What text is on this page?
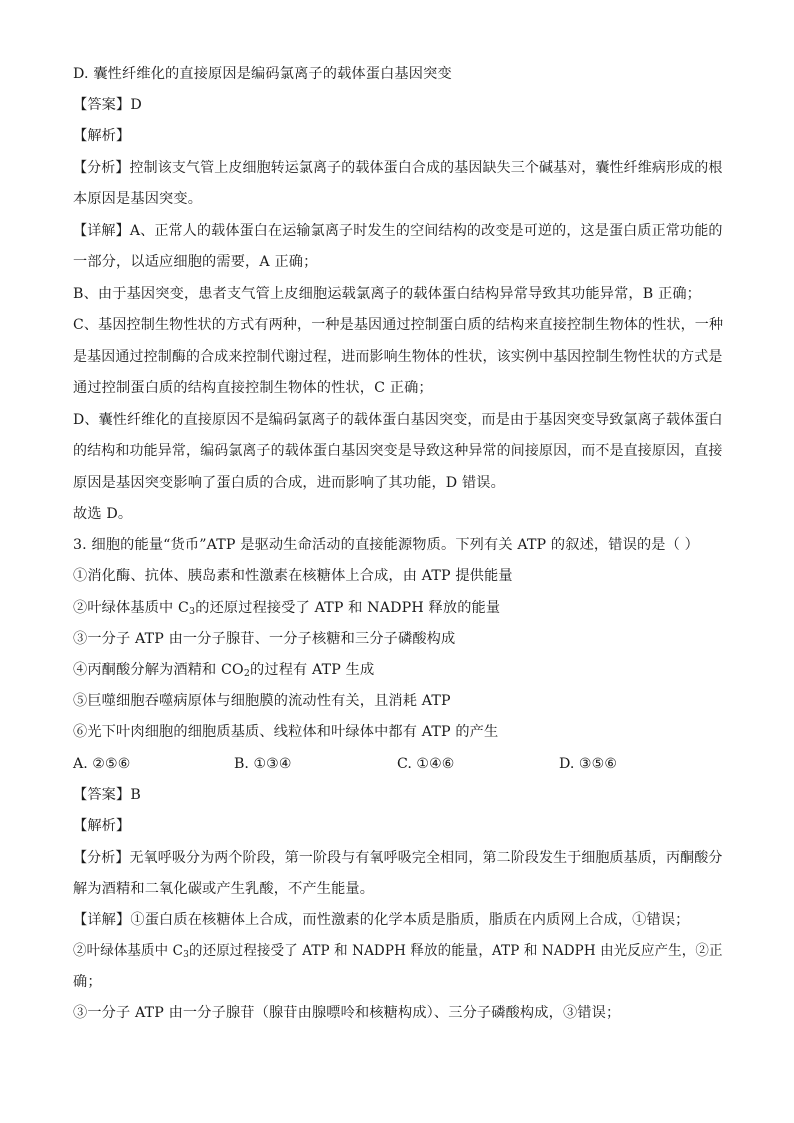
D. 囊性纤维化的直接原因是编码氯离子的载体蛋白基因突变
【答案】D
【解析】
【分析】控制该支气管上皮细胞转运氯离子的载体蛋白合成的基因缺失三个碱基对，囊性纤维病形成的根
本原因是基因突变。
【详解】A、正常人的载体蛋白在运输氯离子时发生的空间结构的改变是可逆的，这是蛋白质正常功能的
一部分，以适应细胞的需要，A 正确；
B、由于基因突变，患者支气管上皮细胞运载氯离子的载体蛋白结构异常导致其功能异常，B 正确；
C、基因控制生物性状的方式有两种，一种是基因通过控制蛋白质的结构来直接控制生物体的性状，一种
是基因通过控制酶的合成来控制代谢过程，进而影响生物体的性状，该实例中基因控制生物性状的方式是
通过控制蛋白质的结构直接控制生物体的性状，C 正确；
D、囊性纤维化的直接原因不是编码氯离子的载体蛋白基因突变，而是由于基因突变导致氯离子载体蛋白
的结构和功能异常，编码氯离子的载体蛋白基因突变是导致这种异常的间接原因，而不是直接原因，直接
原因是基因突变影响了蛋白质的合成，进而影响了其功能，D 错误。
故选 D。
3. 细胞的能量“货币”ATP 是驱动生命活动的直接能源物质。下列有关 ATP 的叙述，错误的是（ ）
①消化酶、抗体、胰岛素和性激素在核糖体上合成，由 ATP 提供能量
②叶绿体基质中 $C_3$的还原过程接受了 ATP 和 NADPH 释放的能量
③一分子 ATP 由一分子腺苷、一分子核糖和三分子磷酸构成
④丙酮酸分解为酒精和 $CO_2$的过程有 ATP 生成
⑤巨噬细胞吞噬病原体与细胞膜的流动性有关，且消耗 ATP
⑥光下叶肉细胞的细胞质基质、线粒体和叶绿体中都有 ATP 的产生
A. ②⑤⑥	B. ①③④	C. ①④⑥	D. ③⑤⑥
【答案】B
【解析】
【分析】无氧呼吸分为两个阶段，第一阶段与有氧呼吸完全相同，第二阶段发生于细胞质基质，丙酮酸分
解为酒精和二氧化碳或产生乳酸，不产生能量。
【详解】①蛋白质在核糖体上合成，而性激素的化学本质是脂质，脂质在内质网上合成，①错误；
②叶绿体基质中 $C_3$的还原过程接受了 ATP 和 NADPH 释放的能量，ATP 和 NADPH 由光反应产生，②正
确；
③一分子 ATP 由一分子腺苷（腺苷由腺嘌呤和核糖构成）、三分子磷酸构成，③错误；
